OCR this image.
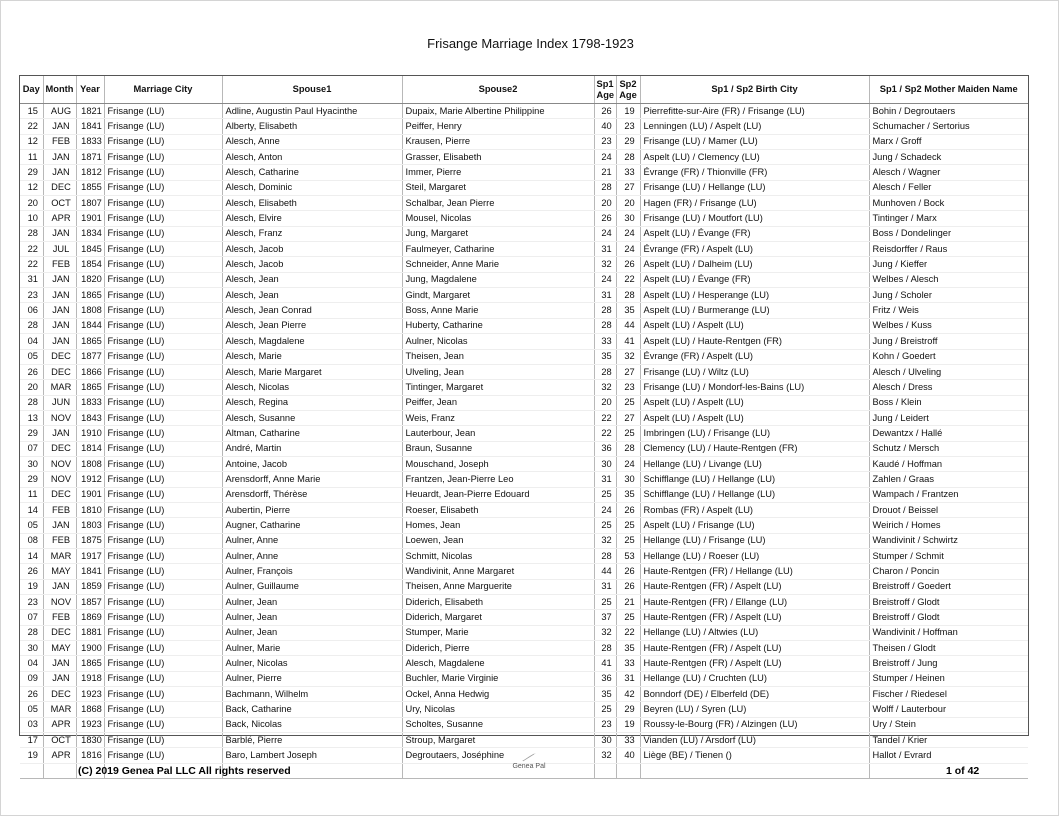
Frisange Marriage Index 1798-1923
Day	Month	Year	Marriage City	Spouse1	Spouse2	Sp1 Age	Sp2 Age	Sp1 / Sp2 Birth City	Sp1 / Sp2 Mother Maiden Name
15	AUG	1821	Frisange (LU)	Adline, Augustin Paul Hyacinthe	Dupaix, Marie Albertine Philippine	26	19	Pierrefitte-sur-Aire (FR) / Frisange (LU)	Bohin / Degroutaers
22	JAN	1841	Frisange (LU)	Alberty, Elisabeth	Peiffer, Henry	40	23	Lenningen (LU) / Aspelt (LU)	Schumacher / Sertorius
12	FEB	1833	Frisange (LU)	Alesch, Anne	Krausen, Pierre	23	29	Frisange (LU) / Mamer (LU)	Marx / Groff
11	JAN	1871	Frisange (LU)	Alesch, Anton	Grasser, Elisabeth	24	28	Aspelt (LU) / Clemency (LU)	Jung / Schadeck
29	JAN	1812	Frisange (LU)	Alesch, Catharine	Immer, Pierre	21	33	Évrange (FR) / Thionville (FR)	Alesch / Wagner
12	DEC	1855	Frisange (LU)	Alesch, Dominic	Steil, Margaret	28	27	Frisange (LU) / Hellange (LU)	Alesch / Feller
20	OCT	1807	Frisange (LU)	Alesch, Elisabeth	Schalbar, Jean Pierre	20	20	Hagen (FR) / Frisange (LU)	Munhoven / Bock
10	APR	1901	Frisange (LU)	Alesch, Elvire	Mousel, Nicolas	26	30	Frisange (LU) / Moutfort (LU)	Tintinger / Marx
28	JAN	1834	Frisange (LU)	Alesch, Franz	Jung, Margaret	24	24	Aspelt (LU) / Évange (FR)	Boss / Dondelinger
22	JUL	1845	Frisange (LU)	Alesch, Jacob	Faulmeyer, Catharine	31	24	Évrange (FR) / Aspelt (LU)	Reisdorffer / Raus
22	FEB	1854	Frisange (LU)	Alesch, Jacob	Schneider, Anne Marie	32	26	Aspelt (LU) / Dalheim (LU)	Jung / Kieffer
31	JAN	1820	Frisange (LU)	Alesch, Jean	Jung, Magdalene	24	22	Aspelt (LU) / Évange (FR)	Welbes / Alesch
23	JAN	1865	Frisange (LU)	Alesch, Jean	Gindt, Margaret	31	28	Aspelt (LU) / Hesperange (LU)	Jung / Scholer
06	JAN	1808	Frisange (LU)	Alesch, Jean Conrad	Boss, Anne Marie	28	35	Aspelt (LU) / Burmerange (LU)	Fritz / Weis
28	JAN	1844	Frisange (LU)	Alesch, Jean Pierre	Huberty, Catharine	28	44	Aspelt (LU) / Aspelt (LU)	Welbes / Kuss
04	JAN	1865	Frisange (LU)	Alesch, Magdalene	Aulner, Nicolas	33	41	Aspelt (LU) / Haute-Rentgen (FR)	Jung / Breistroff
05	DEC	1877	Frisange (LU)	Alesch, Marie	Theisen, Jean	35	32	Évrange (FR) / Aspelt (LU)	Kohn / Goedert
26	DEC	1866	Frisange (LU)	Alesch, Marie Margaret	Ulveling, Jean	28	27	Frisange (LU) / Wiltz (LU)	Alesch / Ulveling
20	MAR	1865	Frisange (LU)	Alesch, Nicolas	Tintinger, Margaret	32	23	Frisange (LU) / Mondorf-les-Bains (LU)	Alesch / Dress
28	JUN	1833	Frisange (LU)	Alesch, Regina	Peiffer, Jean	20	25	Aspelt (LU) / Aspelt (LU)	Boss / Klein
13	NOV	1843	Frisange (LU)	Alesch, Susanne	Weis, Franz	22	27	Aspelt (LU) / Aspelt (LU)	Jung / Leidert
29	JAN	1910	Frisange (LU)	Altman, Catharine	Lauterbour, Jean	22	25	Imbringen (LU) / Frisange (LU)	Dewantzx / Hallé
07	DEC	1814	Frisange (LU)	André, Martin	Braun, Susanne	36	28	Clemency (LU) / Haute-Rentgen (FR)	Schutz / Mersch
30	NOV	1808	Frisange (LU)	Antoine, Jacob	Mouschand, Joseph	30	24	Hellange (LU) / Livange (LU)	Kaudé / Hoffman
29	NOV	1912	Frisange (LU)	Arensdorff, Anne Marie	Frantzen, Jean-Pierre Leo	31	30	Schifflange (LU) / Hellange (LU)	Zahlen / Graas
11	DEC	1901	Frisange (LU)	Arensdorff, Thérèse	Heuardt, Jean-Pierre Edouard	25	35	Schifflange (LU) / Hellange (LU)	Wampach / Frantzen
14	FEB	1810	Frisange (LU)	Aubertin, Pierre	Roeser, Elisabeth	24	26	Rombas (FR) / Aspelt (LU)	Drouot / Beissel
05	JAN	1803	Frisange (LU)	Augner, Catharine	Homes, Jean	25	25	Aspelt (LU) / Frisange (LU)	Weirich / Homes
08	FEB	1875	Frisange (LU)	Aulner, Anne	Loewen, Jean	32	25	Hellange (LU) / Frisange (LU)	Wandivinit / Schwirtz
14	MAR	1917	Frisange (LU)	Aulner, Anne	Schmitt, Nicolas	28	53	Hellange (LU) / Roeser (LU)	Stumper / Schmit
26	MAY	1841	Frisange (LU)	Aulner, François	Wandivinit, Anne Margaret	44	26	Haute-Rentgen (FR) / Hellange (LU)	Charon / Poncin
19	JAN	1859	Frisange (LU)	Aulner, Guillaume	Theisen, Anne Marguerite	31	26	Haute-Rentgen (FR) / Aspelt (LU)	Breistroff / Goedert
23	NOV	1857	Frisange (LU)	Aulner, Jean	Diderich, Elisabeth	25	21	Haute-Rentgen (FR) / Ellange (LU)	Breistroff / Glodt
07	FEB	1869	Frisange (LU)	Aulner, Jean	Diderich, Margaret	37	25	Haute-Rentgen (FR) / Aspelt (LU)	Breistroff / Glodt
28	DEC	1881	Frisange (LU)	Aulner, Jean	Stumper, Marie	32	22	Hellange (LU) / Altwies (LU)	Wandivinit / Hoffman
30	MAY	1900	Frisange (LU)	Aulner, Marie	Diderich, Pierre	28	35	Haute-Rentgen (FR) / Aspelt (LU)	Theisen / Glodt
04	JAN	1865	Frisange (LU)	Aulner, Nicolas	Alesch, Magdalene	41	33	Haute-Rentgen (FR) / Aspelt (LU)	Breistroff / Jung
09	JAN	1918	Frisange (LU)	Aulner, Pierre	Buchler, Marie Virginie	36	31	Hellange (LU) / Cruchten (LU)	Stumper / Heinen
26	DEC	1923	Frisange (LU)	Bachmann, Wilhelm	Ockel, Anna Hedwig	35	42	Bonndorf (DE) / Elberfeld (DE)	Fischer / Riedesel
05	MAR	1868	Frisange (LU)	Back, Catharine	Ury, Nicolas	25	29	Beyren (LU) / Syren (LU)	Wolff / Lauterbour
03	APR	1923	Frisange (LU)	Back, Nicolas	Scholtes, Susanne	23	19	Roussy-le-Bourg (FR) / Alzingen (LU)	Ury / Stein
17	OCT	1830	Frisange (LU)	Barblé, Pierre	Stroup, Margaret	30	33	Vianden (LU) / Arsdorf (LU)	Tandel / Krier
19	APR	1816	Frisange (LU)	Baro, Lambert Joseph	Degroutaers, Joséphine	32	40	Liège (BE) / Tienen ()	Hallot / Evrard

(C) 2019 Genea Pal LLC All rights reserved	Genea Pal	1 of 42
